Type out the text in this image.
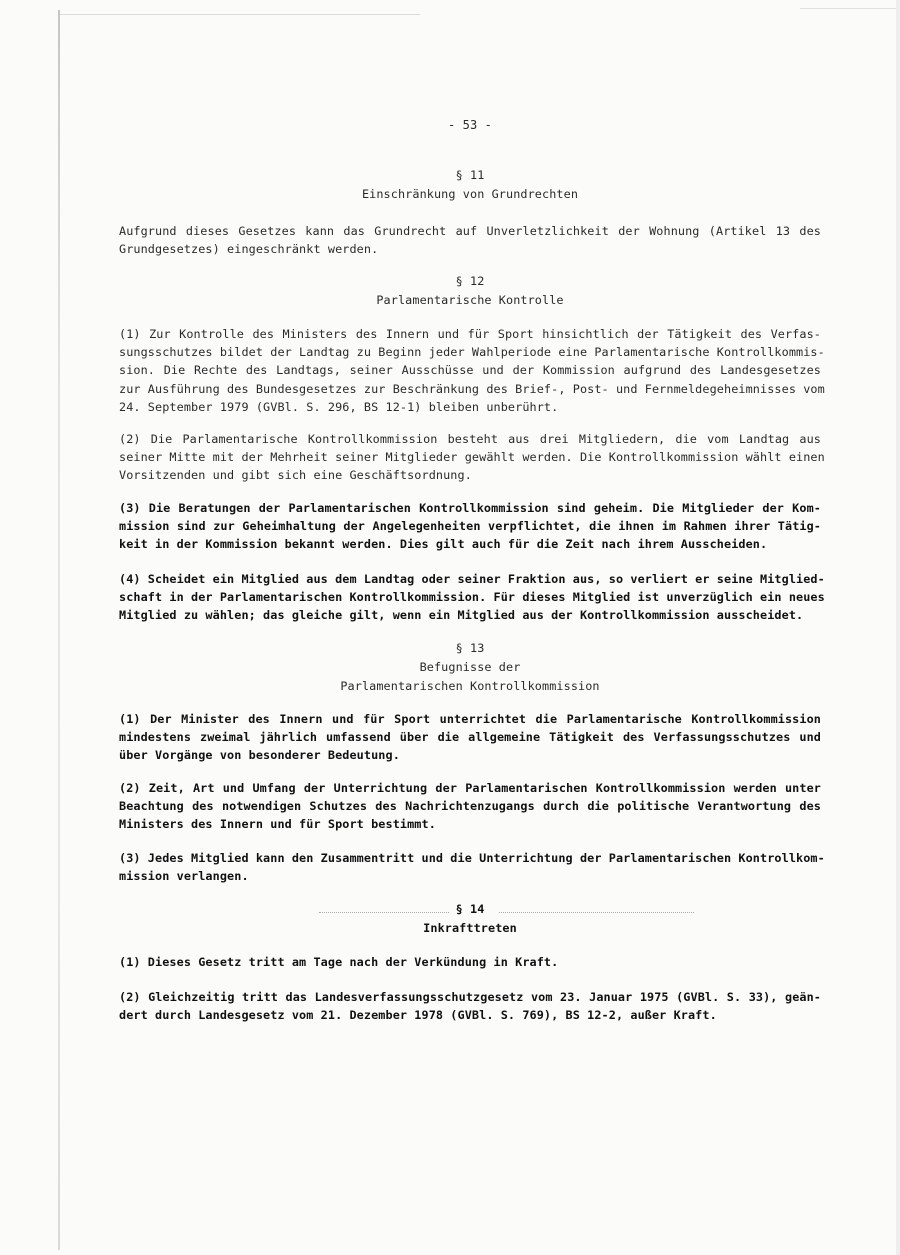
- 53 -
§ 11
Einschränkung von Grundrechten
Aufgrund dieses Gesetzes kann das Grundrecht auf Unverletzlichkeit der Wohnung (Artikel 13 des
Grundgesetzes) eingeschränkt werden.
§ 12
Parlamentarische Kontrolle
(1) Zur Kontrolle des Ministers des Innern und für Sport hinsichtlich der Tätigkeit des Verfas-
sungsschutzes bildet der Landtag zu Beginn jeder Wahlperiode eine Parlamentarische Kontrollkommis-
sion. Die Rechte des Landtags, seiner Ausschüsse und der Kommission aufgrund des Landesgesetzes
zur Ausführung des Bundesgesetzes zur Beschränkung des Brief-, Post- und Fernmeldegeheimnisses vom
24. September 1979 (GVBl. S. 296, BS 12-1) bleiben unberührt.
(2) Die Parlamentarische Kontrollkommission besteht aus drei Mitgliedern, die vom Landtag aus
seiner Mitte mit der Mehrheit seiner Mitglieder gewählt werden. Die Kontrollkommission wählt einen
Vorsitzenden und gibt sich eine Geschäftsordnung.
(3) Die Beratungen der Parlamentarischen Kontrollkommission sind geheim. Die Mitglieder der Kom-
mission sind zur Geheimhaltung der Angelegenheiten verpflichtet, die ihnen im Rahmen ihrer Tätig-
keit in der Kommission bekannt werden. Dies gilt auch für die Zeit nach ihrem Ausscheiden.
(4) Scheidet ein Mitglied aus dem Landtag oder seiner Fraktion aus, so verliert er seine Mitglied-
schaft in der Parlamentarischen Kontrollkommission. Für dieses Mitglied ist unverzüglich ein neues
Mitglied zu wählen; das gleiche gilt, wenn ein Mitglied aus der Kontrollkommission ausscheidet.
§ 13
Befugnisse der
Parlamentarischen Kontrollkommission
(1) Der Minister des Innern und für Sport unterrichtet die Parlamentarische Kontrollkommission
mindestens zweimal jährlich umfassend über die allgemeine Tätigkeit des Verfassungsschutzes und
über Vorgänge von besonderer Bedeutung.
(2) Zeit, Art und Umfang der Unterrichtung der Parlamentarischen Kontrollkommission werden unter
Beachtung des notwendigen Schutzes des Nachrichtenzugangs durch die politische Verantwortung des
Ministers des Innern und für Sport bestimmt.
(3) Jedes Mitglied kann den Zusammentritt und die Unterrichtung der Parlamentarischen Kontrollkom-
mission verlangen.
§ 14
Inkrafttreten
(1) Dieses Gesetz tritt am Tage nach der Verkündung in Kraft.
(2) Gleichzeitig tritt das Landesverfassungsschutzgesetz vom 23. Januar 1975 (GVBl. S. 33), geän-
dert durch Landesgesetz vom 21. Dezember 1978 (GVBl. S. 769), BS 12-2, außer Kraft.
